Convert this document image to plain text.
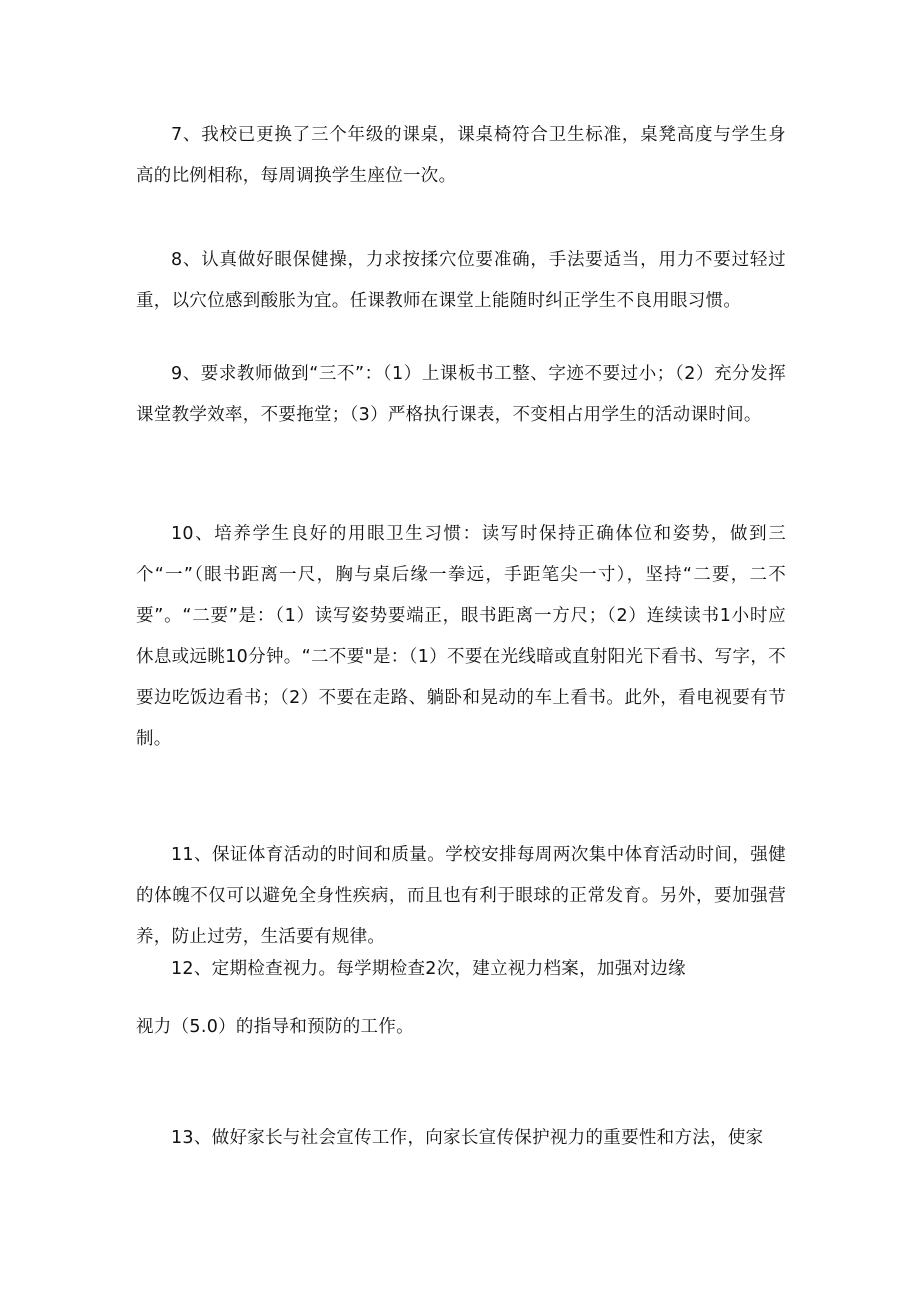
7、我校已更换了三个年级的课桌，课桌椅符合卫生标准，桌凳高度与学生身高的比例相称，每周调换学生座位一次。

8、认真做好眼保健操，力求按揉穴位要准确，手法要适当，用力不要过轻过重，以穴位感到酸胀为宜。任课教师在课堂上能随时纠正学生不良用眼习惯。

9、要求教师做到“三不”：（1）上课板书工整、字迹不要过小；（2）充分发挥课堂教学效率，不要拖堂；（3）严格执行课表，不变相占用学生的活动课时间。

10、培养学生良好的用眼卫生习惯：读写时保持正确体位和姿势，做到三个“一”（眼书距离一尺，胸与桌后缘一拳远，手距笔尖一寸），坚持“二要，二不要”。“二要”是：（1）读写姿势要端正，眼书距离一方尺；（2）连续读书1小时应休息或远眺10分钟。“二不要"是：（1）不要在光线暗或直射阳光下看书、写字，不要边吃饭边看书；（2）不要在走路、躺卧和晃动的车上看书。此外，看电视要有节制。

11、保证体育活动的时间和质量。学校安排每周两次集中体育活动时间，强健的体魄不仅可以避免全身性疾病，而且也有利于眼球的正常发育。另外，要加强营养，防止过劳，生活要有规律。

12、定期检查视力。每学期检查2次，建立视力档案，加强对边缘

视力（5.0）的指导和预防的工作。

13、做好家长与社会宣传工作，向家长宣传保护视力的重要性和方法，使家
